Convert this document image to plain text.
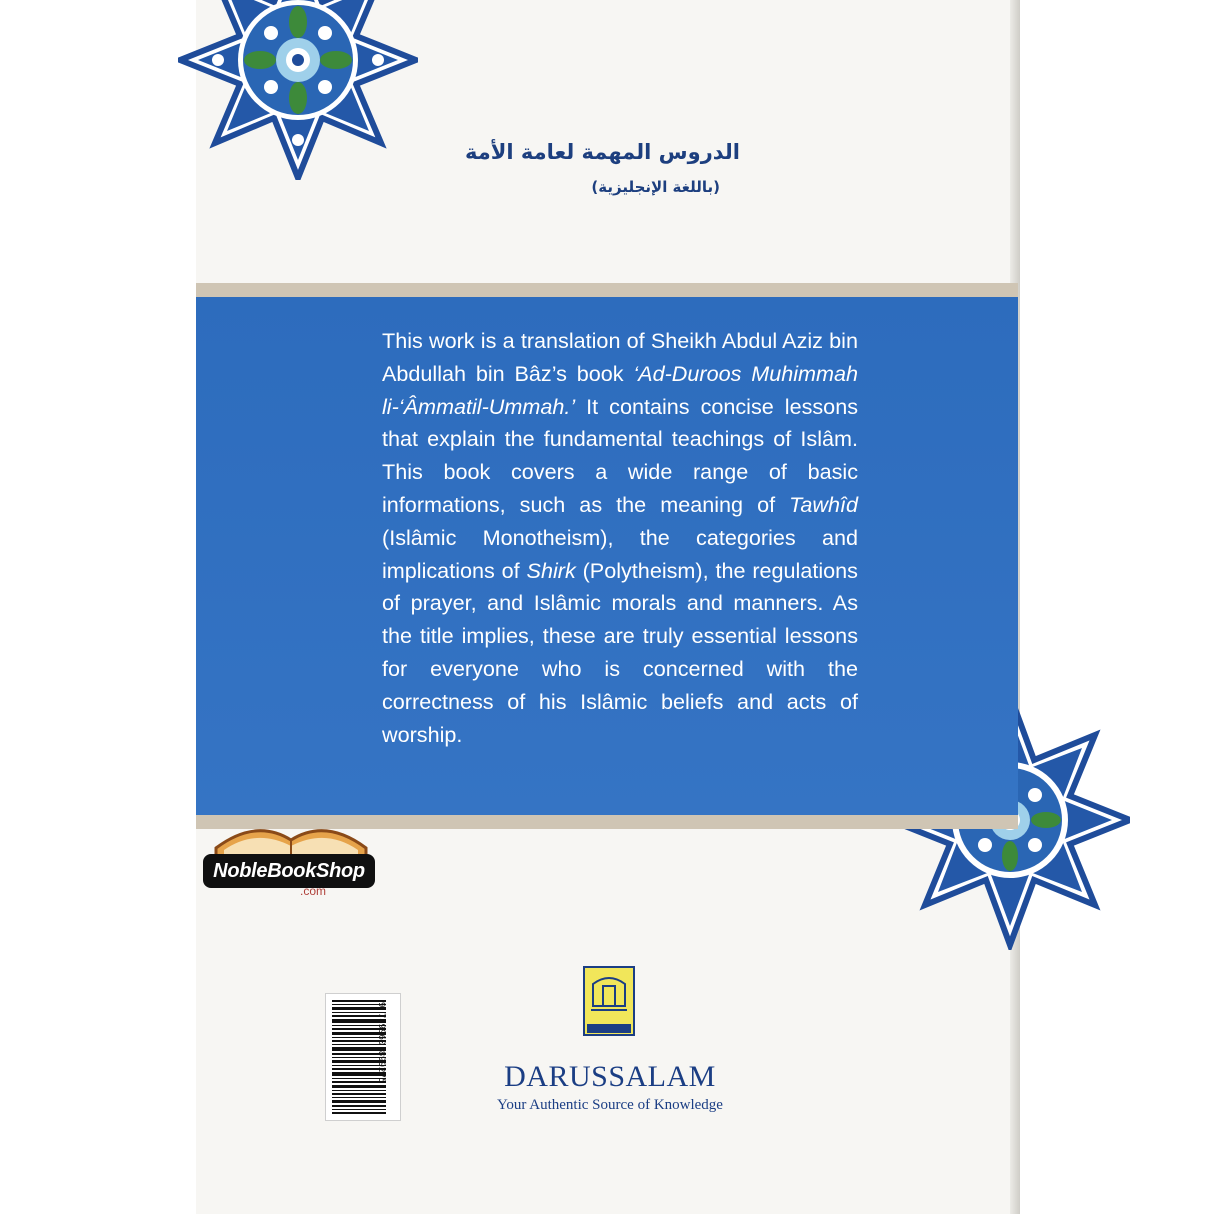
الدروس المهمة لعامة الأمة
(باللغة الإنجليزية)

This work is a translation of Sheikh Abdul Aziz bin Abdullah bin Bâz’s book ‘Ad-Duroos Muhimmah li-‘Âmmatil-Ummah.’ It contains concise lessons that explain the fundamental teachings of Islâm. This book covers a wide range of basic informations, such as the meaning of Tawhîd (Islâmic Monotheism), the categories and implications of Shirk (Polytheism), the regulations of prayer, and Islâmic morals and manners. As the title implies, these are truly essential lessons for everyone who is concerned with the correctness of his Islâmic beliefs and acts of worship.

NobleBookShop
.com
DARUSSALAM
Your Authentic Source of Knowledge
9 789960 899275
